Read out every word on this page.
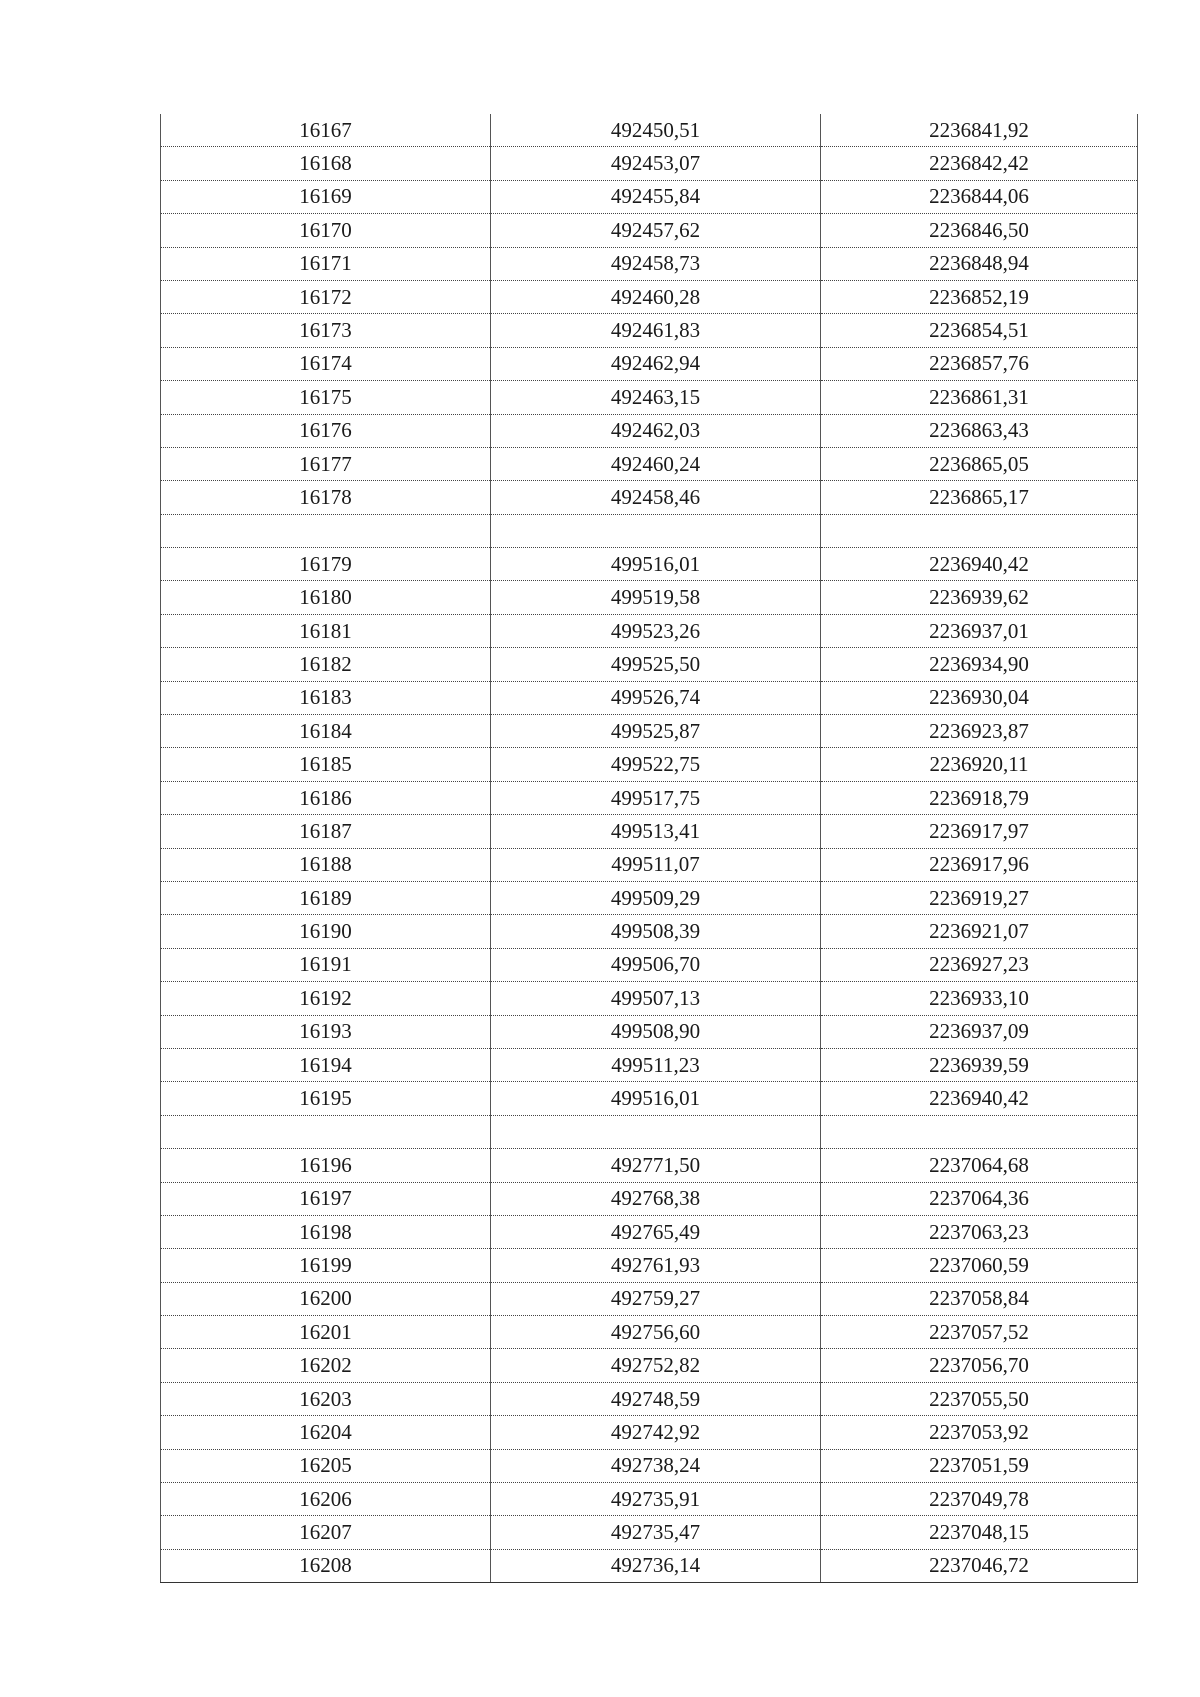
16167	492450,51	2236841,92
16168	492453,07	2236842,42
16169	492455,84	2236844,06
16170	492457,62	2236846,50
16171	492458,73	2236848,94
16172	492460,28	2236852,19
16173	492461,83	2236854,51
16174	492462,94	2236857,76
16175	492463,15	2236861,31
16176	492462,03	2236863,43
16177	492460,24	2236865,05
16178	492458,46	2236865,17

16179	499516,01	2236940,42
16180	499519,58	2236939,62
16181	499523,26	2236937,01
16182	499525,50	2236934,90
16183	499526,74	2236930,04
16184	499525,87	2236923,87
16185	499522,75	2236920,11
16186	499517,75	2236918,79
16187	499513,41	2236917,97
16188	499511,07	2236917,96
16189	499509,29	2236919,27
16190	499508,39	2236921,07
16191	499506,70	2236927,23
16192	499507,13	2236933,10
16193	499508,90	2236937,09
16194	499511,23	2236939,59
16195	499516,01	2236940,42

16196	492771,50	2237064,68
16197	492768,38	2237064,36
16198	492765,49	2237063,23
16199	492761,93	2237060,59
16200	492759,27	2237058,84
16201	492756,60	2237057,52
16202	492752,82	2237056,70
16203	492748,59	2237055,50
16204	492742,92	2237053,92
16205	492738,24	2237051,59
16206	492735,91	2237049,78
16207	492735,47	2237048,15
16208	492736,14	2237046,72
